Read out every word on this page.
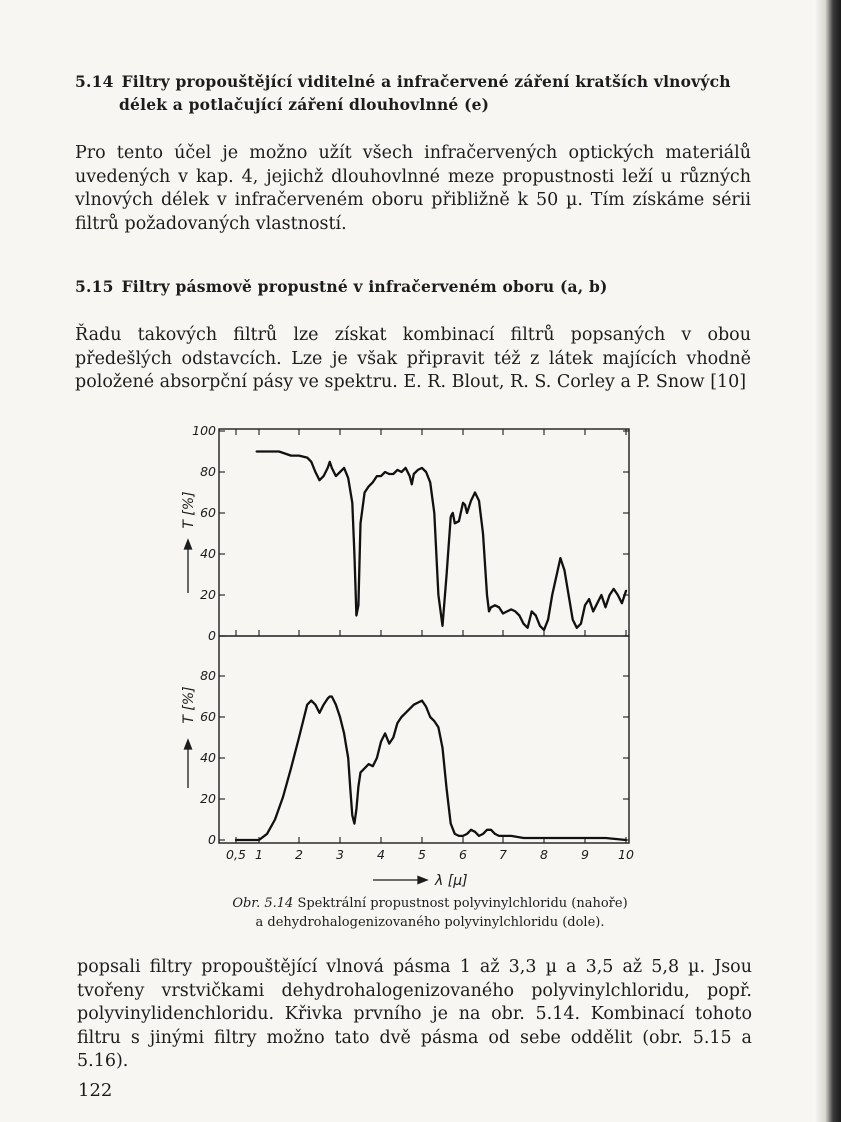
5.14 Filtry propouštějící viditelné a infračervené záření kratších vlnových
délek a potlačující záření dlouhovlnné (e)

Pro tento účel je možno užít všech infračervených optických materiálů uvedených v kap. 4, jejichž dlouhovlnné meze propustnosti leží u různých vlnových délek v infračerveném oboru přibližně k 50 µ. Tím získáme sérii filtrů požadovaných vlastností.

5.15 Filtry pásmově propustné v infračerveném oboru (a, b)

Řadu takových filtrů lze získat kombinací filtrů popsaných v obou předešlých odstavcích. Lze je však připravit též z látek majících vhodně položené absorpční pásy ve spektru. E. R. Blout, R. S. Corley a P. Snow [10]

100
80
60
40
20
0
80
60
40
20
0
0,5 1	2	3	4	5	6	7	8	9 10
T [%]
T [%]
λ [µ]

Obr. 5.14 Spektrální propustnost polyvinylchloridu (nahoře)
a dehydrohalogenizovaného polyvinylchloridu (dole).

popsali filtry propouštějící vlnová pásma 1 až 3,3 µ a 3,5 až 5,8 µ. Jsou tvořeny vrstvičkami dehydrohalogenizovaného polyvinylchloridu, popř. polyvinylidenchloridu. Křivka prvního je na obr. 5.14. Kombinací tohoto filtru s jinými filtry možno tato dvě pásma od sebe oddělit (obr. 5.15 a 5.16).

122
